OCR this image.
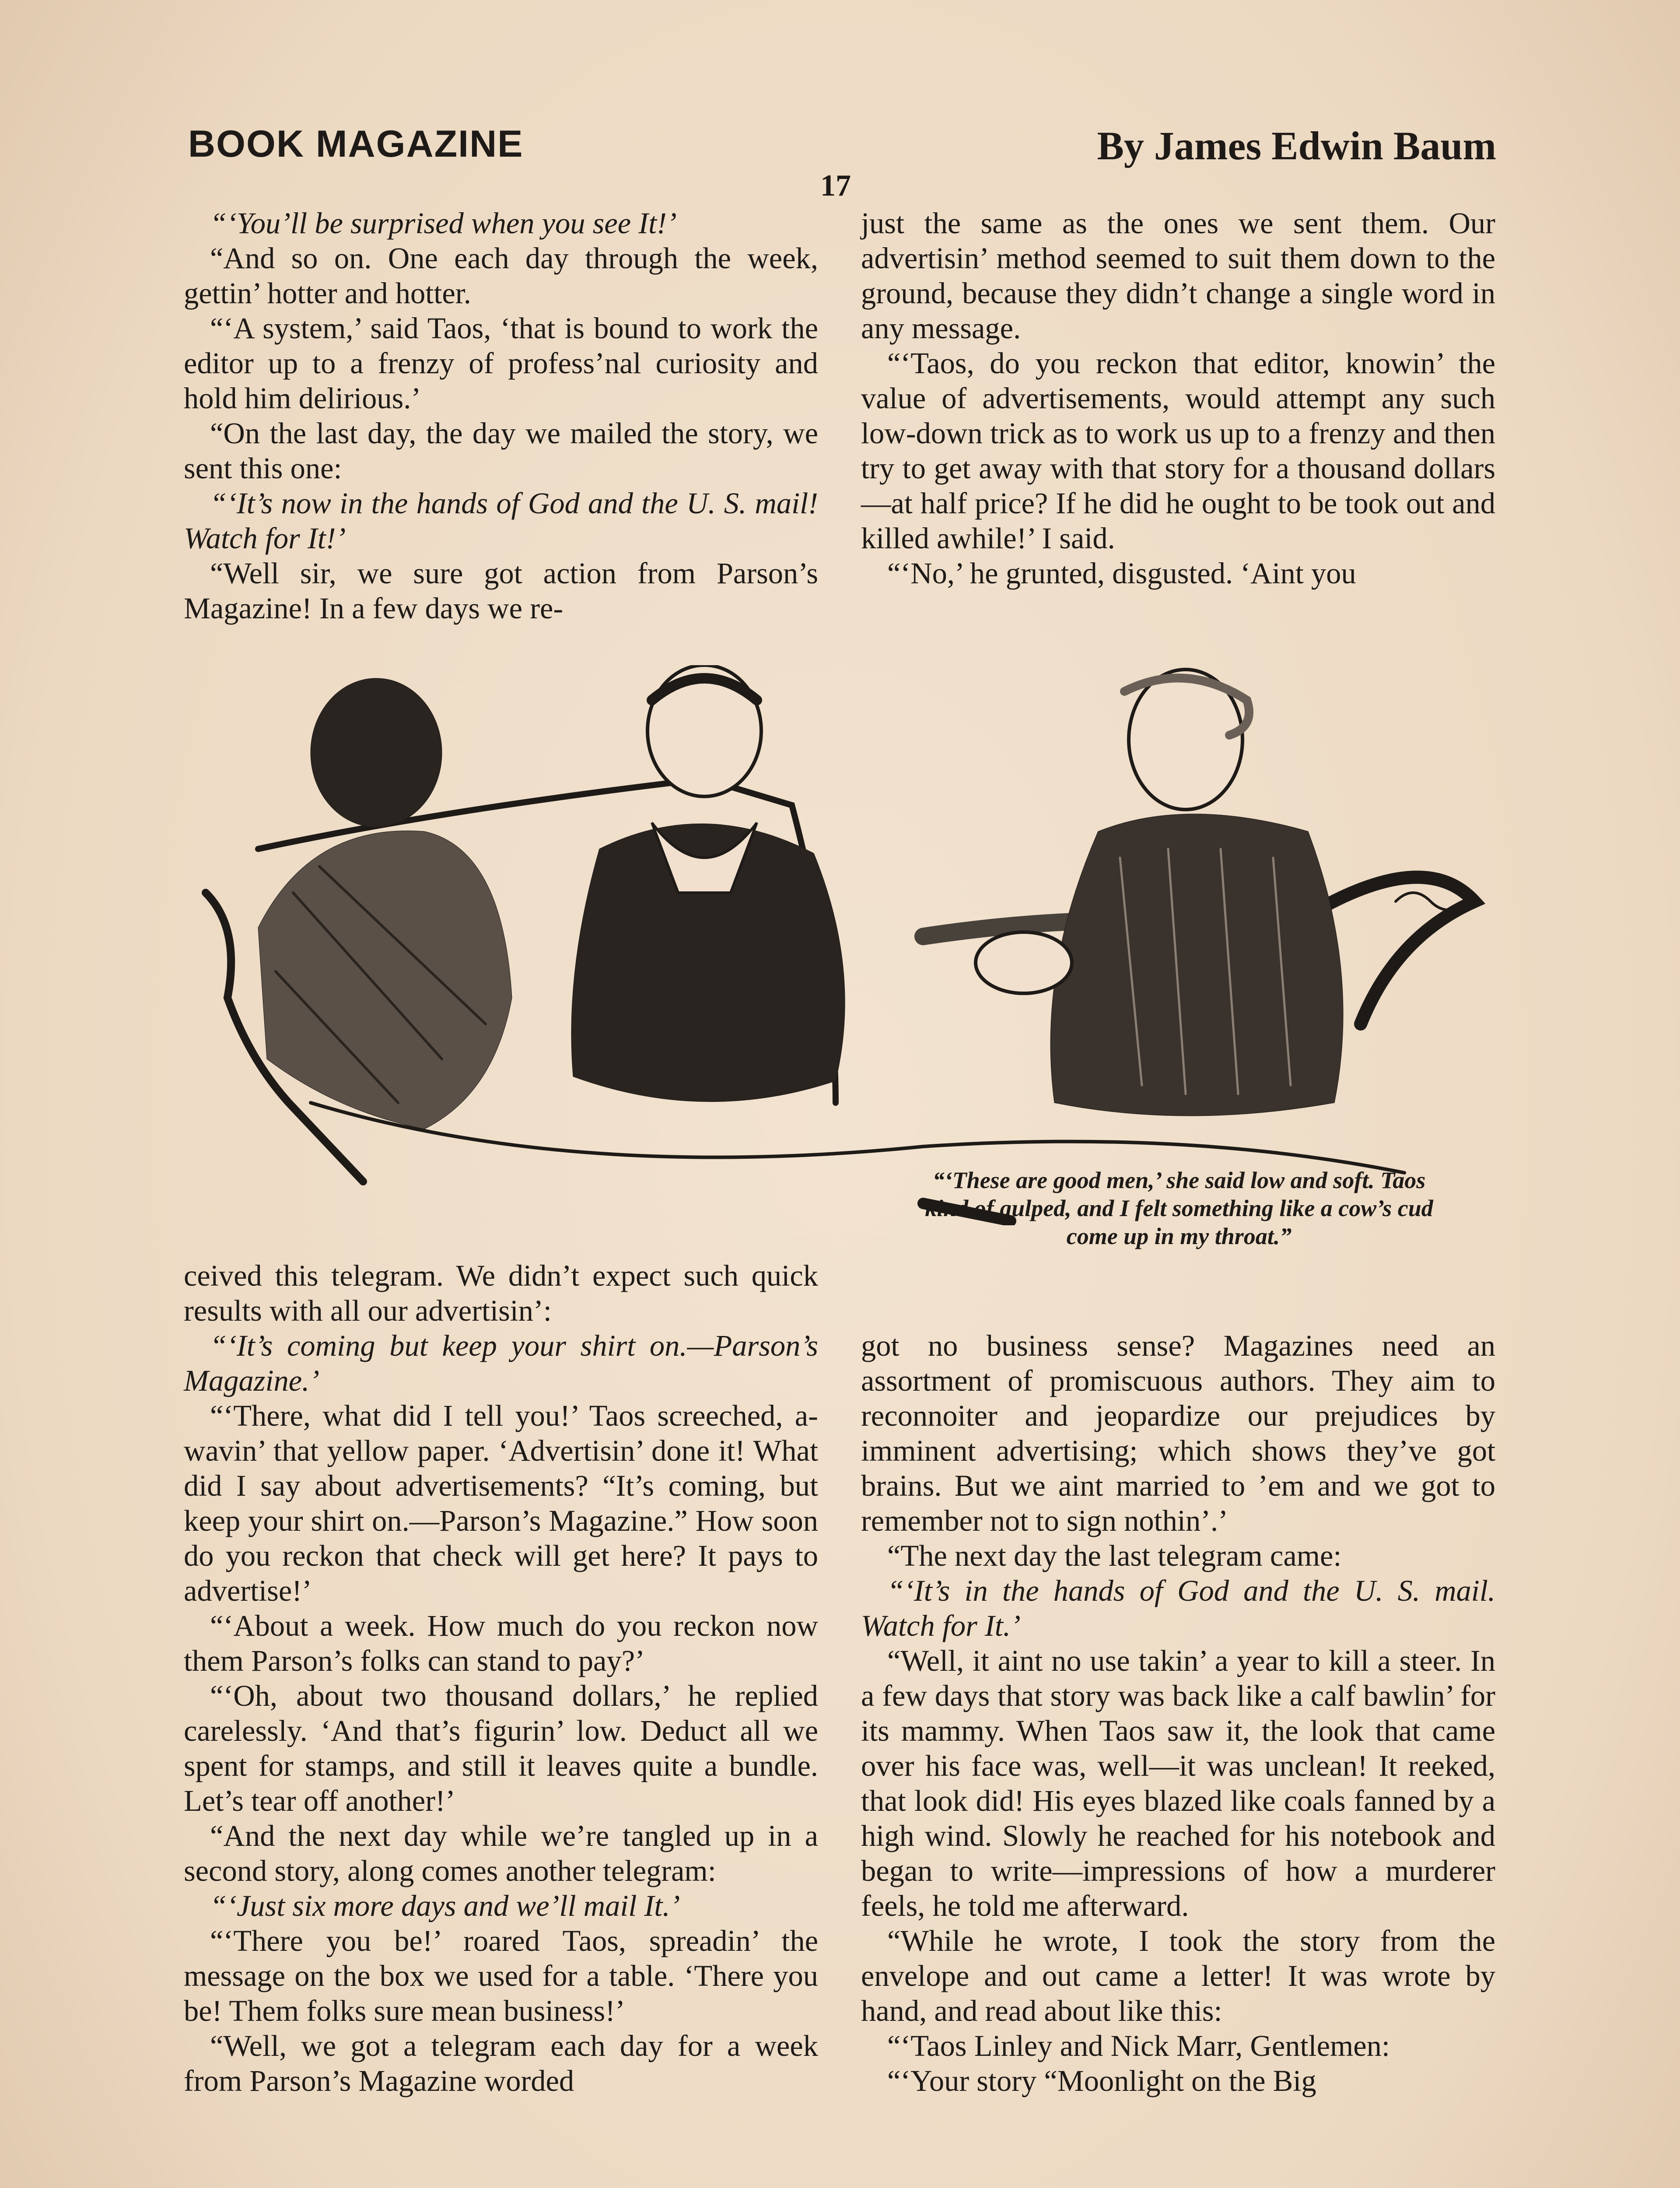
BOOK MAGAZINE	By James Edwin Baum
17

“‘You’ll be surprised when you see It!’

“And so on. One each day through the week, gettin’ hotter and hotter.

“‘A system,’ said Taos, ‘that is bound to work the editor up to a frenzy of profess’nal curiosity and hold him delirious.’

“On the last day, the day we mailed the story, we sent this one:

“‘It’s now in the hands of God and the U. S. mail! Watch for It!’

“Well sir, we sure got action from Parson’s Magazine! In a few days we re-

just the same as the ones we sent them. Our advertisin’ method seemed to suit them down to the ground, because they didn’t change a single word in any message.

“‘Taos, do you reckon that editor, knowin’ the value of advertisements, would attempt any such low-down trick as to work us up to a frenzy and then try to get away with that story for a thousand dollars—at half price? If he did he ought to be took out and killed awhile!’ I said.

“‘No,’ he grunted, disgusted. ‘Aint you

“‘These are good men,’ she said low and soft. Taos kind of gulped, and I felt something like a cow’s cud come up in my throat.”

ceived this telegram. We didn’t expect such quick results with all our advertisin’:

“‘It’s coming but keep your shirt on.—Parson’s Magazine.’

“‘There, what did I tell you!’ Taos screeched, a-wavin’ that yellow paper. ‘Advertisin’ done it! What did I say about advertisements? “It’s coming, but keep your shirt on.—Parson’s Magazine.” How soon do you reckon that check will get here? It pays to advertise!’

“‘About a week. How much do you reckon now them Parson’s folks can stand to pay?’

“‘Oh, about two thousand dollars,’ he replied carelessly. ‘And that’s figurin’ low. Deduct all we spent for stamps, and still it leaves quite a bundle. Let’s tear off another!’

“And the next day while we’re tangled up in a second story, along comes another telegram:

“‘Just six more days and we’ll mail It.’

“‘There you be!’ roared Taos, spreadin’ the message on the box we used for a table. ‘There you be! Them folks sure mean business!’

“Well, we got a telegram each day for a week from Parson’s Magazine worded

got no business sense? Magazines need an assortment of promiscuous authors. They aim to reconnoiter and jeopardize our prejudices by imminent advertising; which shows they’ve got brains. But we aint married to ’em and we got to remember not to sign nothin’.’

“The next day the last telegram came:

“‘It’s in the hands of God and the U. S. mail. Watch for It.’

“Well, it aint no use takin’ a year to kill a steer. In a few days that story was back like a calf bawlin’ for its mammy. When Taos saw it, the look that came over his face was, well—it was unclean! It reeked, that look did! His eyes blazed like coals fanned by a high wind. Slowly he reached for his notebook and began to write—impressions of how a murderer feels, he told me afterward.

“While he wrote, I took the story from the envelope and out came a letter! It was wrote by hand, and read about like this:

“‘Taos Linley and Nick Marr, Gentlemen:

“‘Your story “Moonlight on the Big
